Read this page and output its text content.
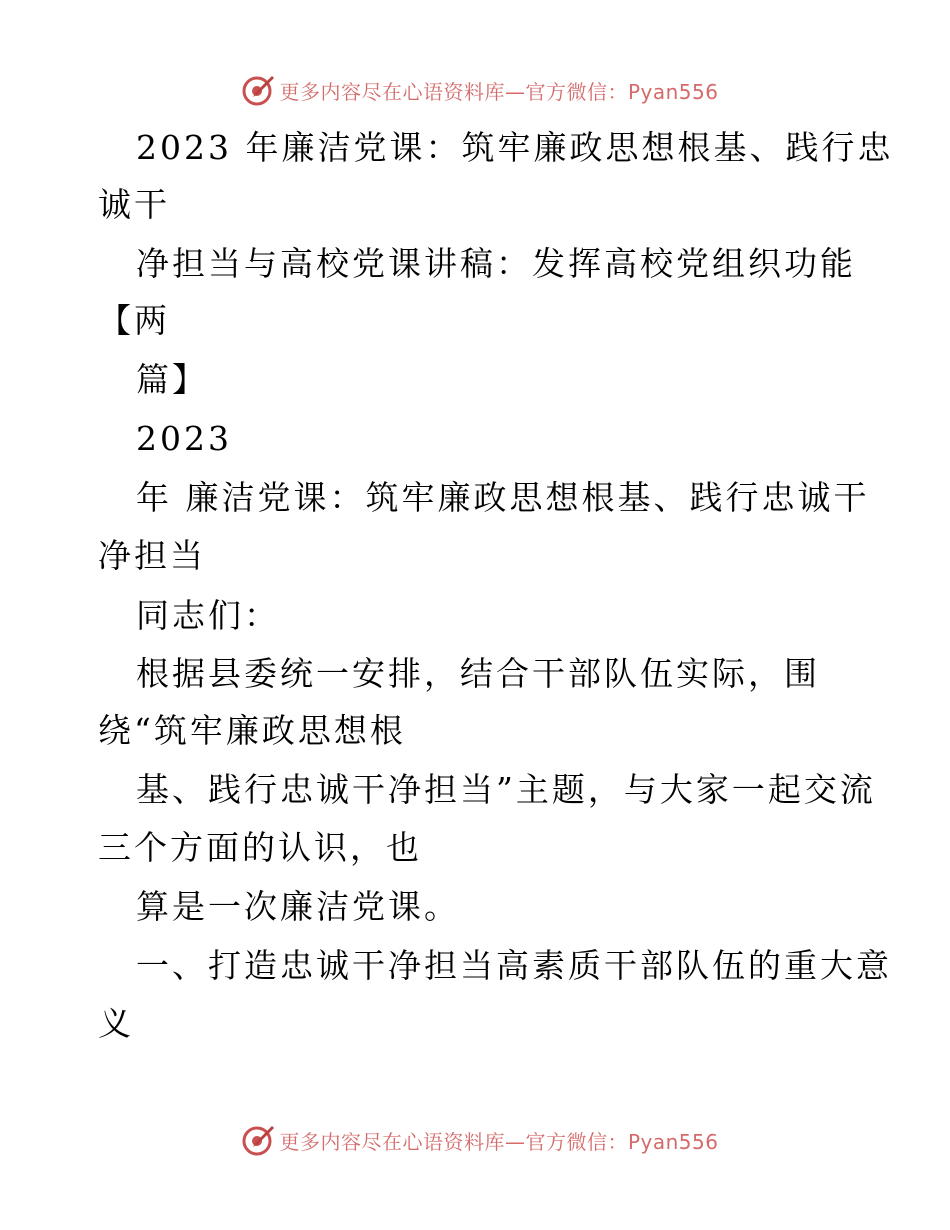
更多内容尽在心语资料库—官方微信：Pyan556
2023 年廉洁党课：筑牢廉政思想根基、践行忠
诚干
净担当与高校党课讲稿：发挥高校党组织功能
【两
篇】
2023
年 廉洁党课：筑牢廉政思想根基、践行忠诚干
净担当
同志们：
根据县委统一安排，结合干部队伍实际，围
绕“筑牢廉政思想根
基、践行忠诚干净担当”主题，与大家一起交流
三个方面的认识，也
算是一次廉洁党课。
一、打造忠诚干净担当高素质干部队伍的重大意
义
更多内容尽在心语资料库—官方微信：Pyan556
